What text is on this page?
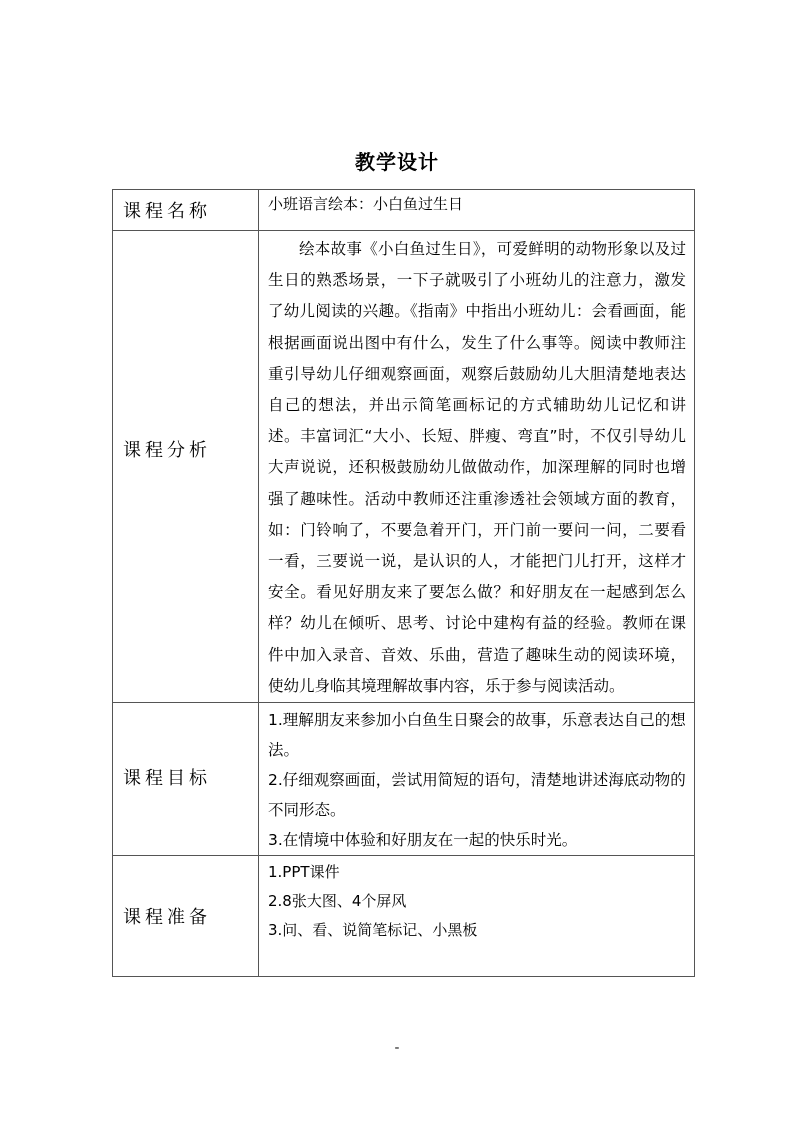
教学设计
课程名称	小班语言绘本：小白鱼过生日

课程分析	绘本故事《小白鱼过生日》，可爱鲜明的动物形象以及过生日的熟悉场景，一下子就吸引了小班幼儿的注意力，激发了幼儿阅读的兴趣。《指南》中指出小班幼儿：会看画面，能根据画面说出图中有什么，发生了什么事等。阅读中教师注重引导幼儿仔细观察画面，观察后鼓励幼儿大胆清楚地表达自己的想法，并出示简笔画标记的方式辅助幼儿记忆和讲述。丰富词汇“大小、长短、胖瘦、弯直”时，不仅引导幼儿大声说说，还积极鼓励幼儿做做动作，加深理解的同时也增强了趣味性。活动中教师还注重渗透社会领域方面的教育，如：门铃响了，不要急着开门，开门前一要问一问，二要看一看，三要说一说，是认识的人，才能把门儿打开，这样才安全。看见好朋友来了要怎么做？和好朋友在一起感到怎么样？幼儿在倾听、思考、讨论中建构有益的经验。教师在课件中加入录音、音效、乐曲，营造了趣味生动的阅读环境，使幼儿身临其境理解故事内容，乐于参与阅读活动。

课程目标	1.理解朋友来参加小白鱼生日聚会的故事，乐意表达自己的想法。
2.仔细观察画面，尝试用简短的语句，清楚地讲述海底动物的不同形态。
3.在情境中体验和好朋友在一起的快乐时光。

课程准备	1.PPT课件
2.8张大图、4个屏风
3.问、看、说简笔标记、小黑板
-
